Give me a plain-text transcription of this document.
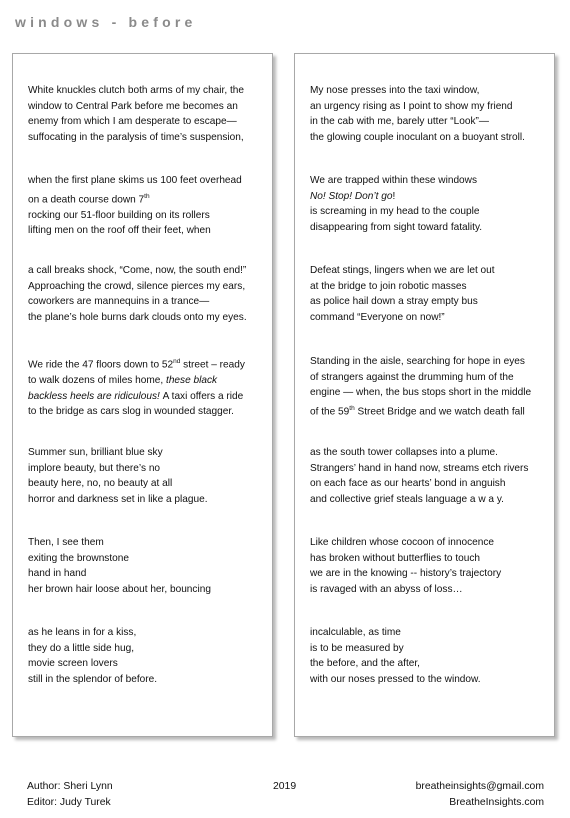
windows - before
White knuckles clutch both arms of my chair, the
window to Central Park before me becomes an
enemy from which I am desperate to escape—
suffocating in the paralysis of time’s suspension,
when the first plane skims us 100 feet overhead
on a death course down 7th
rocking our 51-floor building on its rollers
lifting men on the roof off their feet, when
a call breaks shock, “Come, now, the south end!”
Approaching the crowd, silence pierces my ears,
coworkers are mannequins in a trance—
the plane’s hole burns dark clouds onto my eyes.
We ride the 47 floors down to 52nd street – ready
to walk dozens of miles home, these black
backless heels are ridiculous! A taxi offers a ride
to the bridge as cars slog in wounded stagger.
Summer sun, brilliant blue sky
implore beauty, but there’s no
beauty here, no, no beauty at all
horror and darkness set in like a plague.
Then, I see them
exiting the brownstone
hand in hand
her brown hair loose about her, bouncing
as he leans in for a kiss,
they do a little side hug,
movie screen lovers
still in the splendor of before.
My nose presses into the taxi window,
an urgency rising as I point to show my friend
in the cab with me, barely utter “Look”—
the glowing couple inoculant on a buoyant stroll.
We are trapped within these windows
No! Stop! Don’t go!
is screaming in my head to the couple
disappearing from sight toward fatality.
Defeat stings, lingers when we are let out
at the bridge to join robotic masses
as police hail down a stray empty bus
command “Everyone on now!”
Standing in the aisle, searching for hope in eyes
of strangers against the drumming hum of the
engine — when, the bus stops short in the middle
of the 59th Street Bridge and we watch death fall
as the south tower collapses into a plume.
Strangers’ hand in hand now, streams etch rivers
on each face as our hearts’ bond in anguish
and collective grief steals language a w a y.
Like children whose cocoon of innocence
has broken without butterflies to touch
we are in the knowing -- history’s trajectory
is ravaged with an abyss of loss…
incalculable, as time
is to be measured by
the before, and the after,
with our noses pressed to the window.
Author: Sheri Lynn
Editor: Judy Turek
2019	breatheinsights@gmail.com
BreatheInsights.com
